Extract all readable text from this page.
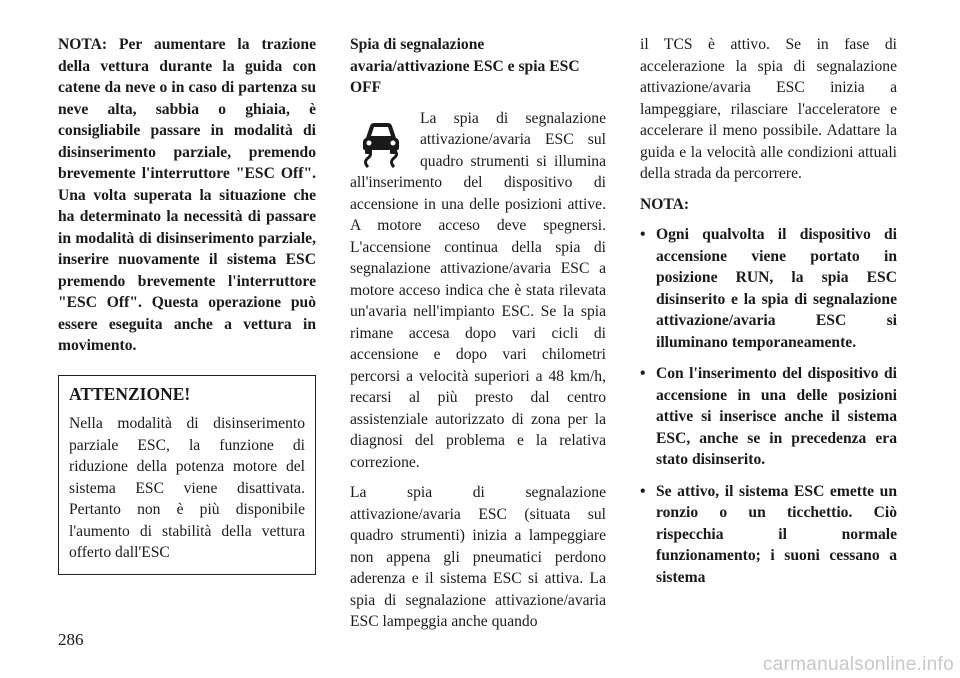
NOTA: Per aumentare la trazione della vettura durante la guida con catene da neve o in caso di partenza su neve alta, sabbia o ghiaia, è consigliabile passare in modalità di disinserimento parziale, premendo brevemente l'interruttore "ESC Off". Una volta superata la situazione che ha determinato la necessità di passare in modalità di disinserimento parziale, inserire nuovamente il sistema ESC premendo brevemente l'interruttore "ESC Off". Questa operazione può essere eseguita anche a vettura in movimento.

ATTENZIONE!
Nella modalità di disinserimento parziale ESC, la funzione di riduzione della potenza motore del sistema ESC viene disattivata. Pertanto non è più disponibile l'aumento di stabilità della vettura offerto dall'ESC

Spia di segnalazione avaria/attivazione ESC e spia ESC OFF

La spia di segnalazione attivazione/avaria ESC sul quadro strumenti si illumina all'inserimento del dispositivo di accensione in una delle posizioni attive. A motore acceso deve spegnersi. L'accensione continua della spia di segnalazione attivazione/avaria ESC a motore acceso indica che è stata rilevata un'avaria nell'impianto ESC. Se la spia rimane accesa dopo vari cicli di accensione e dopo vari chilometri percorsi a velocità superiori a 48 km/h, recarsi al più presto dal centro assistenziale autorizzato di zona per la diagnosi del problema e la relativa correzione.

La spia di segnalazione attivazione/avaria ESC (situata sul quadro strumenti) inizia a lampeggiare non appena gli pneumatici perdono aderenza e il sistema ESC si attiva. La spia di segnalazione attivazione/avaria ESC lampeggia anche quando

il TCS è attivo. Se in fase di accelerazione la spia di segnalazione attivazione/avaria ESC inizia a lampeggiare, rilasciare l'acceleratore e accelerare il meno possibile. Adattare la guida e la velocità alle condizioni attuali della strada da percorrere.

NOTA:

• Ogni qualvolta il dispositivo di accensione viene portato in posizione RUN, la spia ESC disinserito e la spia di segnalazione attivazione/avaria ESC si illuminano temporaneamente.
• Con l'inserimento del dispositivo di accensione in una delle posizioni attive si inserisce anche il sistema ESC, anche se in precedenza era stato disinserito.
• Se attivo, il sistema ESC emette un ronzio o un ticchettio. Ciò rispecchia il normale funzionamento; i suoni cessano a sistema
286
carmanualsonline.info
